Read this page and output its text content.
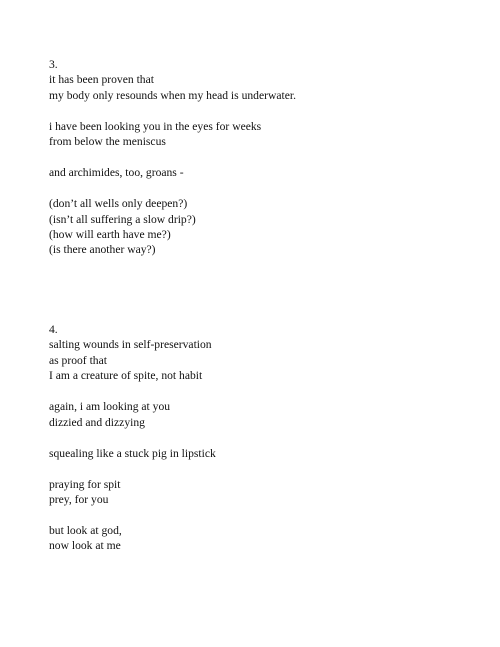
3.
it has been proven that
my body only resounds when my head is underwater.
i have been looking you in the eyes for weeks
from below the meniscus
and archimides, too, groans -
(don’t all wells only deepen?)
(isn’t all suffering a slow drip?)
(how will earth have me?)
(is there another way?)
4.
salting wounds in self-preservation
as proof that
I am a creature of spite, not habit
again, i am looking at you
dizzied and dizzying
squealing like a stuck pig in lipstick
praying for spit
prey, for you
but look at god,
now look at me
